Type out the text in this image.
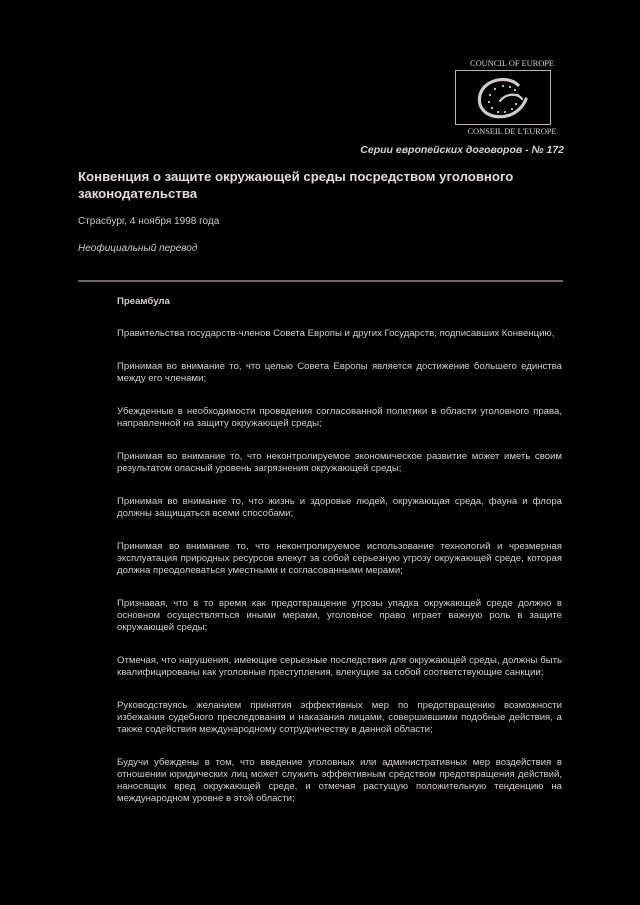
COUNCIL OF EUROPE
CONSEIL DE L'EUROPE
Серии европейских договоров - № 172
Конвенция о защите окружающей среды посредством уголовного законодательства
Страсбург, 4 ноября 1998 года
Неофициальный перевод
Преамбула

Правительства государств-членов Совета Европы и других Государств, подписавших Конвенцию,

Принимая во внимание то, что целью Совета Европы является достижение большего единства между его членами;

Убежденные в необходимости проведения согласованной политики в области уголовного права, направленной на защиту окружающей среды;

Принимая во внимание то, что неконтролируемое экономическое развитие может иметь своим результатом опасный уровень загрязнения окружающей среды;

Принимая во внимание то, что жизнь и здоровье людей, окружающая среда, фауна и флора должны защищаться всеми способами;

Принимая во внимание то, что неконтролируемое использование технологий и чрезмерная эксплуатация природных ресурсов влекут за собой серьезную угрозу окружающей среде, которая должна преодолеваться уместными и согласованными мерами;

Признавая, что в то время как предотвращение угрозы упадка окружающей среде должно в основном осуществляться иными мерами, уголовное право играет важную роль в защите окружающей среды;

Отмечая, что нарушения, имеющие серьезные последствия для окружающей среды, должны быть квалифицированы как уголовные преступления, влекущие за собой соответствующие санкции;

Руководствуясь желанием принятия эффективных мер по предотвращению возможности избежания судебного преследования и наказания лицами, совершившими подобные действия, а также содействия международному сотрудничеству в данной области;

Будучи убеждены в том, что введение уголовных или административных мер воздействия в отношении юридических лиц может служить эффективным средством предотвращения действий, наносящих вред окружающей среде, и отмечая растущую положительную тенденцию на международном уровне в этой области;
